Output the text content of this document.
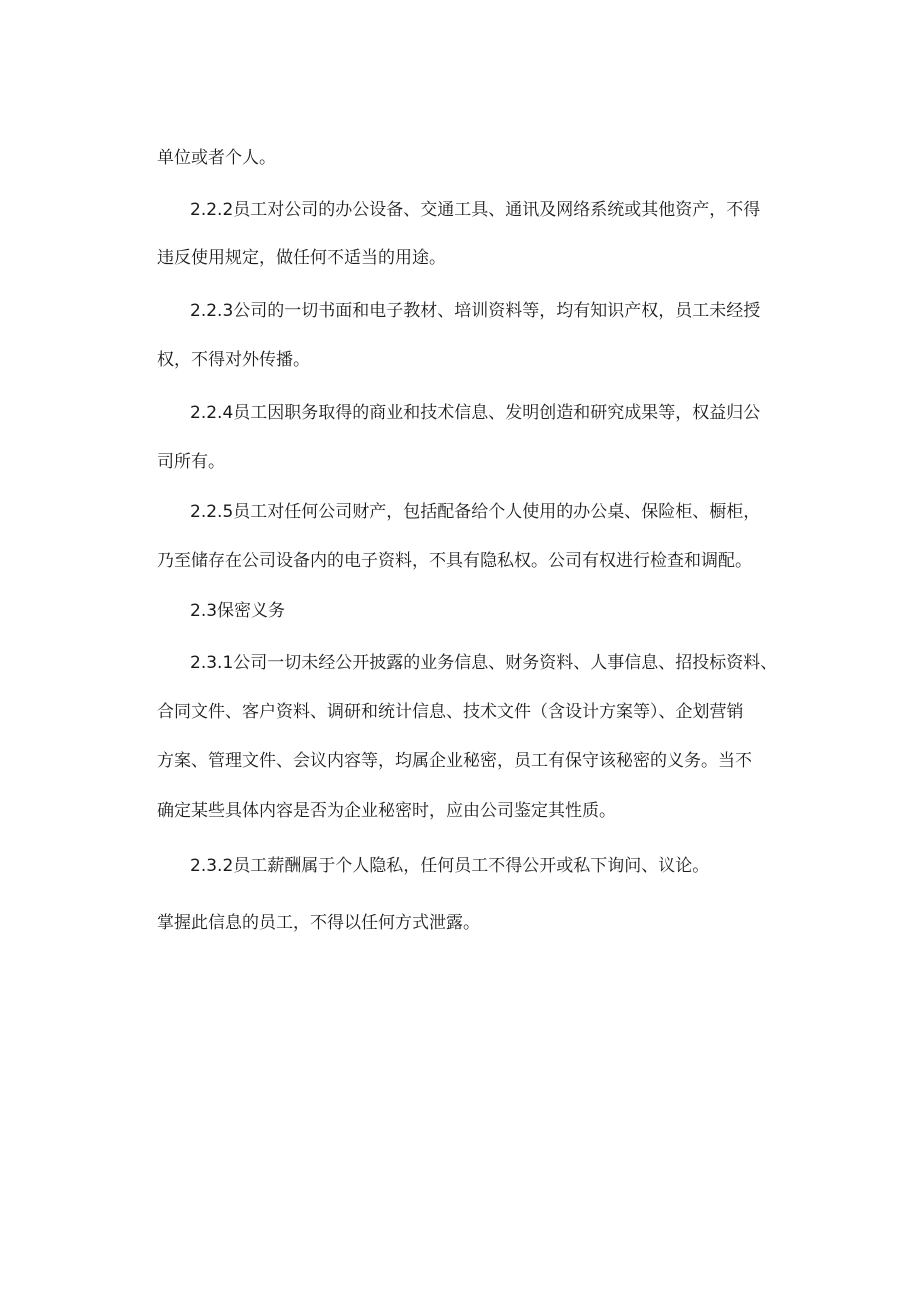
单位或者个人。
2.2.2员工对公司的办公设备、交通工具、通讯及网络系统或其他资产，不得
违反使用规定，做任何不适当的用途。
2.2.3公司的一切书面和电子教材、培训资料等，均有知识产权，员工未经授
权，不得对外传播。
2.2.4员工因职务取得的商业和技术信息、发明创造和研究成果等，权益归公
司所有。
2.2.5员工对任何公司财产，包括配备给个人使用的办公桌、保险柜、橱柜，
乃至储存在公司设备内的电子资料，不具有隐私权。公司有权进行检查和调配。
2.3保密义务
2.3.1公司一切未经公开披露的业务信息、财务资料、人事信息、招投标资料、
合同文件、客户资料、调研和统计信息、技术文件（含设计方案等）、企划营销
方案、管理文件、会议内容等，均属企业秘密，员工有保守该秘密的义务。当不
确定某些具体内容是否为企业秘密时，应由公司鉴定其性质。
2.3.2员工薪酬属于个人隐私，任何员工不得公开或私下询问、议论。
掌握此信息的员工，不得以任何方式泄露。
